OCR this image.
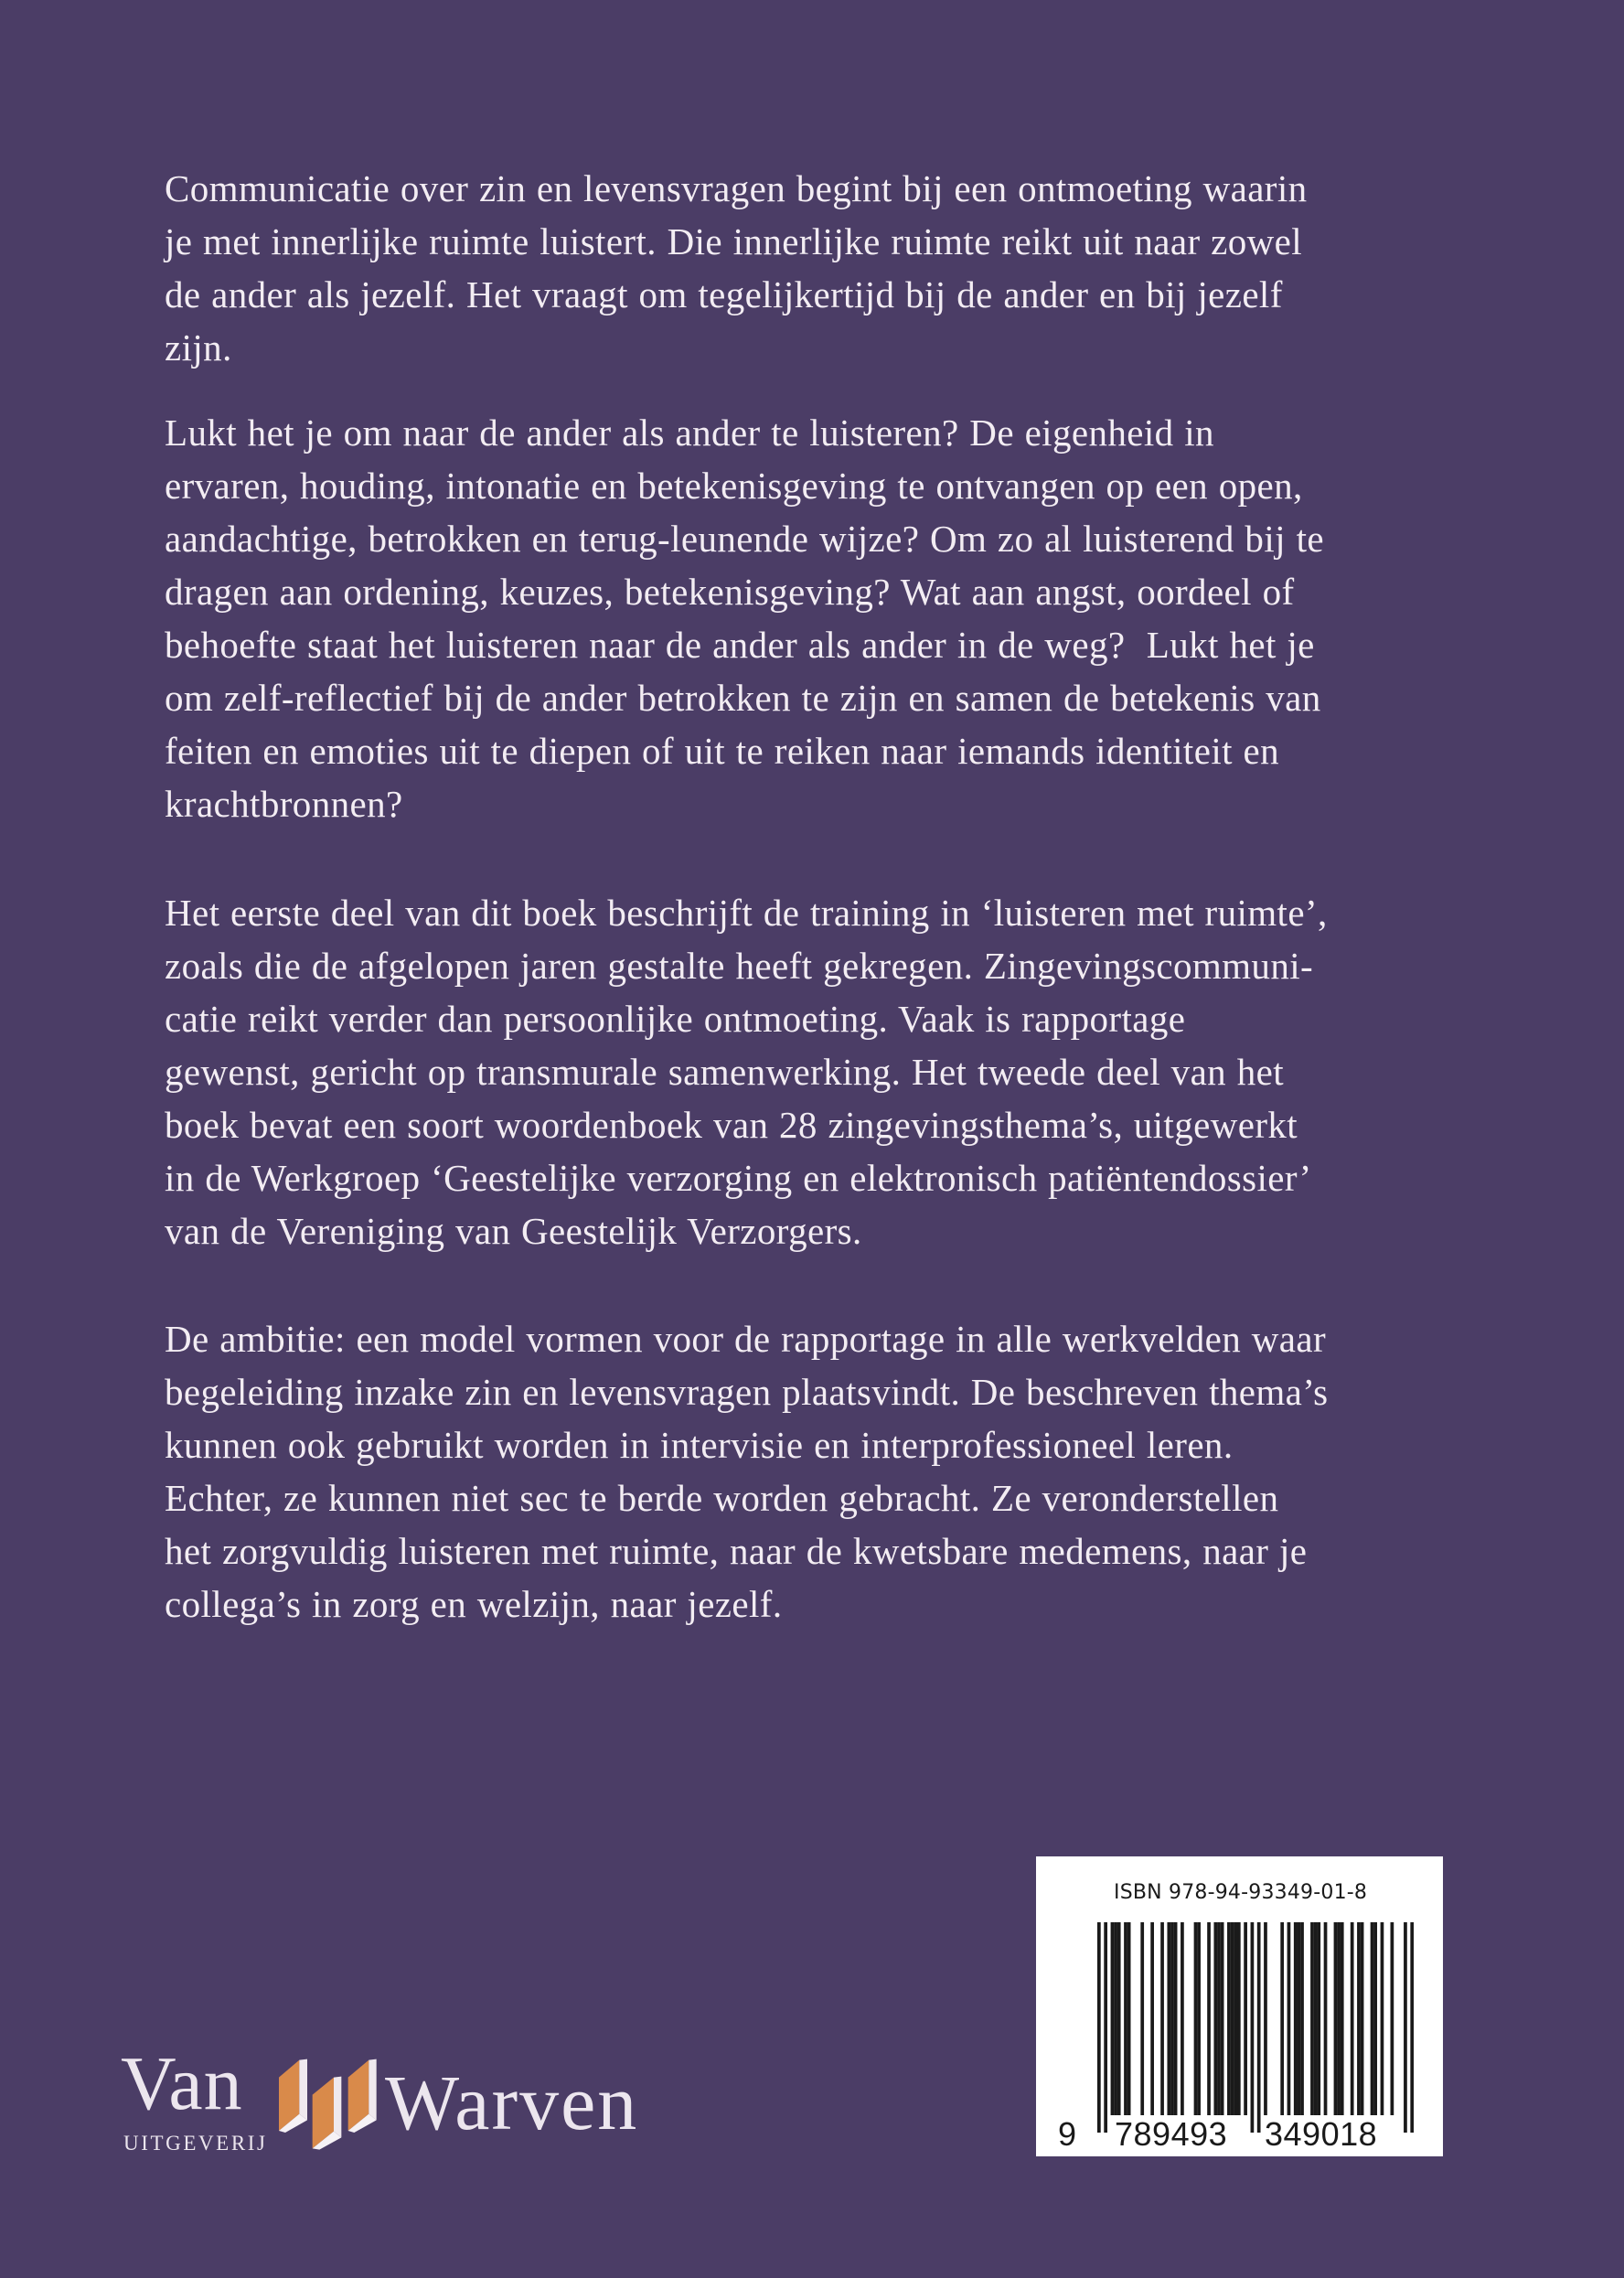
Communicatie over zin en levensvragen begint bij een ontmoeting waarin
je met innerlijke ruimte luistert. Die innerlijke ruimte reikt uit naar zowel
de ander als jezelf. Het vraagt om tegelijkertijd bij de ander en bij jezelf
zijn.

Lukt het je om naar de ander als ander te luisteren? De eigenheid in
ervaren, houding, intonatie en betekenisgeving te ontvangen op een open,
aandachtige, betrokken en terug-leunende wijze? Om zo al luisterend bij te
dragen aan ordening, keuzes, betekenisgeving? Wat aan angst, oordeel of
behoefte staat het luisteren naar de ander als ander in de weg?  Lukt het je
om zelf-reflectief bij de ander betrokken te zijn en samen de betekenis van
feiten en emoties uit te diepen of uit te reiken naar iemands identiteit en
krachtbronnen?

Het eerste deel van dit boek beschrijft de training in ‘luisteren met ruimte’,
zoals die de afgelopen jaren gestalte heeft gekregen. Zingevingscommuni-
catie reikt verder dan persoonlijke ontmoeting. Vaak is rapportage
gewenst, gericht op transmurale samenwerking. Het tweede deel van het
boek bevat een soort woordenboek van 28 zingevingsthema’s, uitgewerkt
in de Werkgroep ‘Geestelijke verzorging en elektronisch patiëntendossier’
van de Vereniging van Geestelijk Verzorgers.

De ambitie: een model vormen voor de rapportage in alle werkvelden waar
begeleiding inzake zin en levensvragen plaatsvindt. De beschreven thema’s
kunnen ook gebruikt worden in intervisie en interprofessioneel leren.
Echter, ze kunnen niet sec te berde worden gebracht. Ze veronderstellen
het zorgvuldig luisteren met ruimte, naar de kwetsbare medemens, naar je
collega’s in zorg en welzijn, naar jezelf.

Van
UITGEVERIJ Warven
ISBN 978-94-93349-01-8
9 789493 349018
